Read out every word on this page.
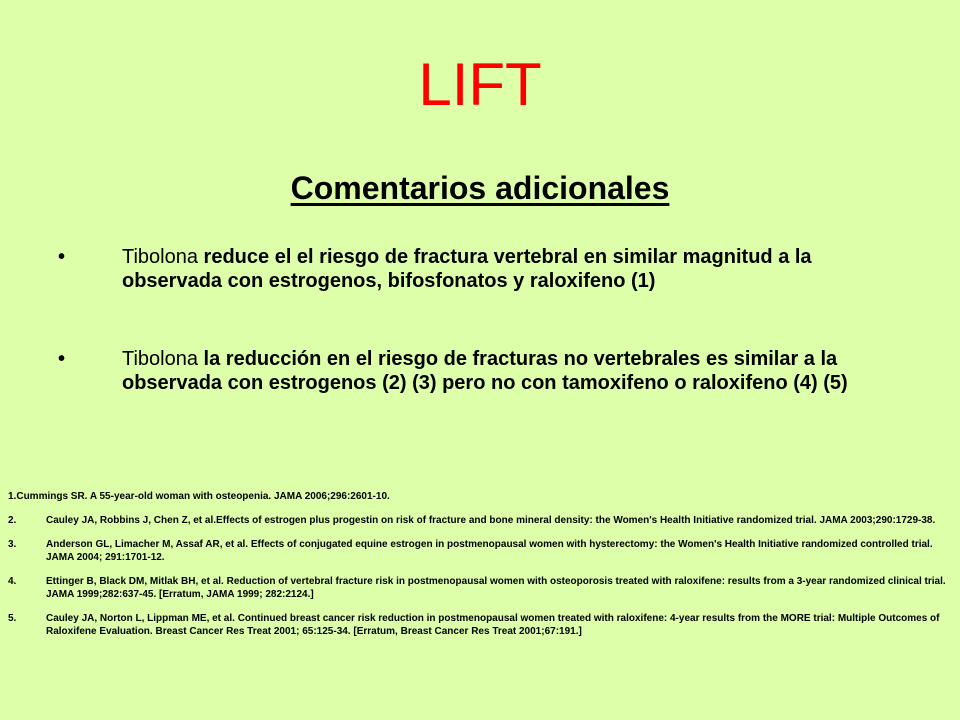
LIFT
Comentarios adicionales
•	Tibolona reduce el el riesgo de fractura vertebral en similar magnitud a la observada con estrogenos, bifosfonatos y raloxifeno (1)
•	Tibolona la reducción en el riesgo de fracturas no vertebrales es similar a la observada con estrogenos (2) (3) pero no con tamoxifeno o raloxifeno (4) (5)
1.Cummings SR. A 55-year-old woman with osteopenia. JAMA 2006;296:2601-10.
2.	Cauley JA, Robbins J, Chen Z, et al.Effects of estrogen plus progestin on risk of fracture and bone mineral density: the Women's Health Initiative randomized trial. JAMA 2003;290:1729-38.
3.	Anderson GL, Limacher M, Assaf AR, et al. Effects of conjugated equine estrogen in postmenopausal women with hysterectomy: the Women's Health Initiative randomized controlled trial. JAMA 2004; 291:1701-12.
4.	Ettinger B, Black DM, Mitlak BH, et al. Reduction of vertebral fracture risk in postmenopausal women with osteoporosis treated with raloxifene: results from a 3-year randomized clinical trial. JAMA 1999;282:637-45. [Erratum, JAMA 1999; 282:2124.]
5.	Cauley JA, Norton L, Lippman ME, et al. Continued breast cancer risk reduction in postmenopausal women treated with raloxifene: 4-year results from the MORE trial: Multiple Outcomes of Raloxifene Evaluation. Breast Cancer Res Treat 2001; 65:125-34. [Erratum, Breast Cancer Res Treat 2001;67:191.]
